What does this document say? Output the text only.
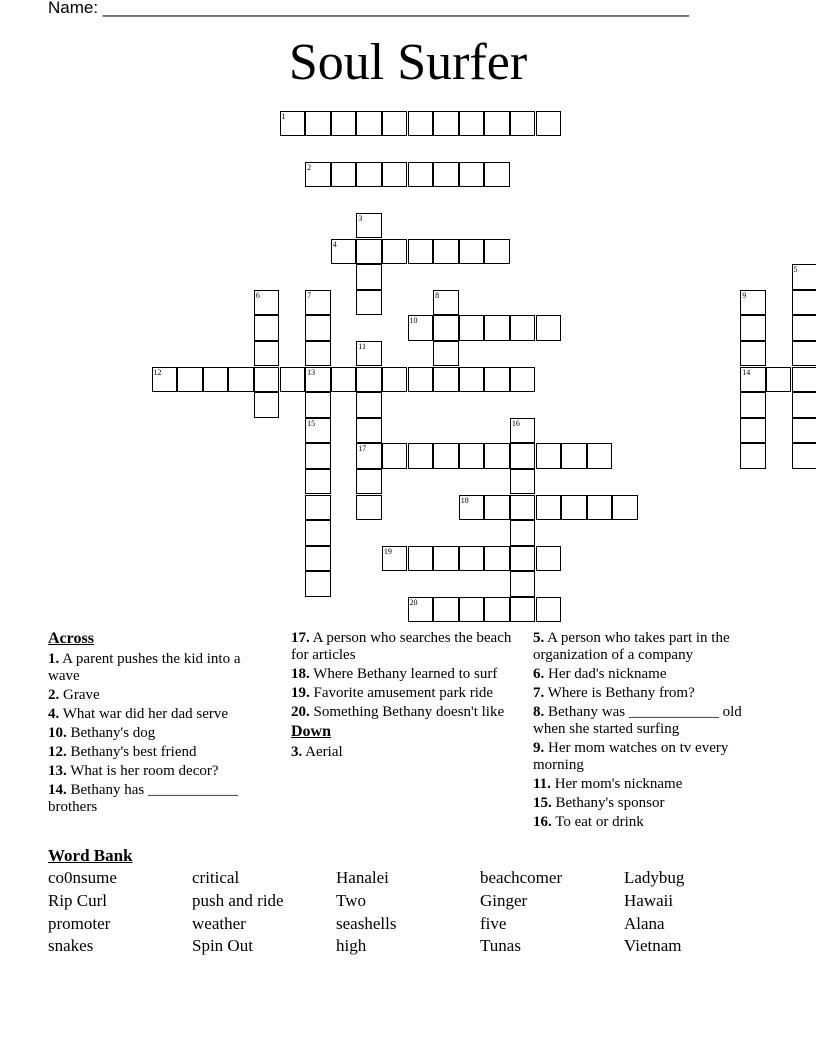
Name: ______________________________________________________________
Soul Surfer
1
2
3
4
5
6	7
13
15
8	9
14
10
11
17
12
16
18
19
20
Across
1. A parent pushes the kid into a wave
2. Grave
4. What war did her dad serve
10. Bethany's dog
12. Bethany's best friend
13. What is her room decor?
14. Bethany has ____________ brothers
17. A person who searches the beach for articles
18. Where Bethany learned to surf
19. Favorite amusement park ride
20. Something Bethany doesn't like
Down
3. Aerial
5. A person who takes part in the organization of a company
6. Her dad's nickname
7. Where is Bethany from?
8. Bethany was ____________ old when she started surfing
9. Her mom watches on tv every morning
11. Her mom's nickname
15. Bethany's sponsor
16. To eat or drink
Word Bank
co0nsume	critical	Hanalei	beachcomer	Ladybug
Rip Curl	push and ride	Two	Ginger	Hawaii
promoter	weather	seashells	five	Alana
snakes	Spin Out	high	Tunas	Vietnam
